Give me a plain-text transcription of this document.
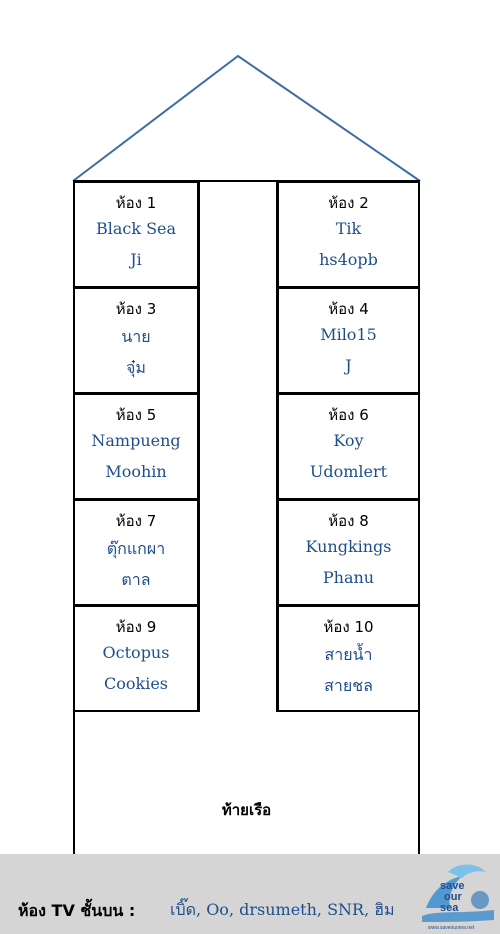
ห้อง 1
Black Sea
Ji
ห้อง 2
Tik
hs4opb
ห้อง 3
นาย
จุ๋ม
ห้อง 4
Milo15
J
ห้อง 5
Nampueng
Moohin
ห้อง 6
Koy
Udomlert
ห้อง 7
ตุ๊กแกผา
ตาล
ห้อง 8
Kungkings
Phanu
ห้อง 9
Octopus
Cookies
ห้อง 10
สายน้ำ
สายชล
ท้ายเรือ
ห้อง TV ชั้นบน : เบิ๊ด, Oo, drsumeth, SNR, ฮิม
save
our
sea
www.saveoursea.net
